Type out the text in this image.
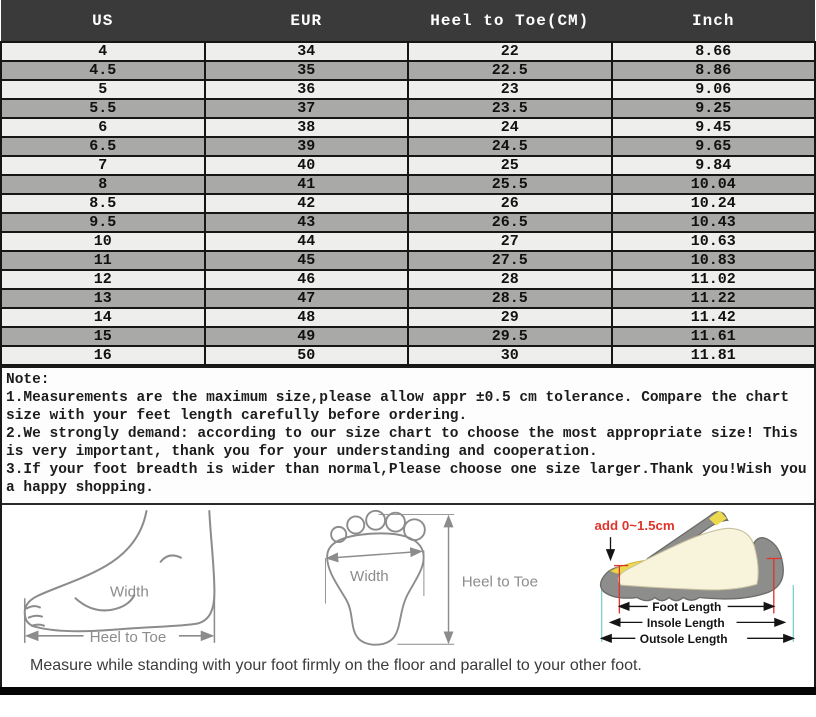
US	EUR	Heel to Toe(CM)	Inch
4	34	22	8.66
4.5	35	22.5	8.86
5	36	23	9.06
5.5	37	23.5	9.25
6	38	24	9.45
6.5	39	24.5	9.65
7	40	25	9.84
8	41	25.5	10.04
8.5	42	26	10.24
9.5	43	26.5	10.43
10	44	27	10.63
11	45	27.5	10.83
12	46	28	11.02
13	47	28.5	11.22
14	48	29	11.42
15	49	29.5	11.61
16	50	30	11.81
Note:
1.Measurements are the maximum size,please allow appr ±0.5 cm tolerance. Compare the chart size with your feet length carefully before ordering.
2.We strongly demand: according to our size chart to choose the most appropriate size! This is very important, thank you for your understanding and cooperation.
3.If your foot breadth is wider than normal,Please choose one size larger.Thank you!Wish you a happy shopping.
Heel to Toe
Width
Width	Heel to Toe
Foot Length
Insole Length
Outsole Length
add 0~1.5cm
Measure while standing with your foot firmly on the floor and parallel to your other foot.
